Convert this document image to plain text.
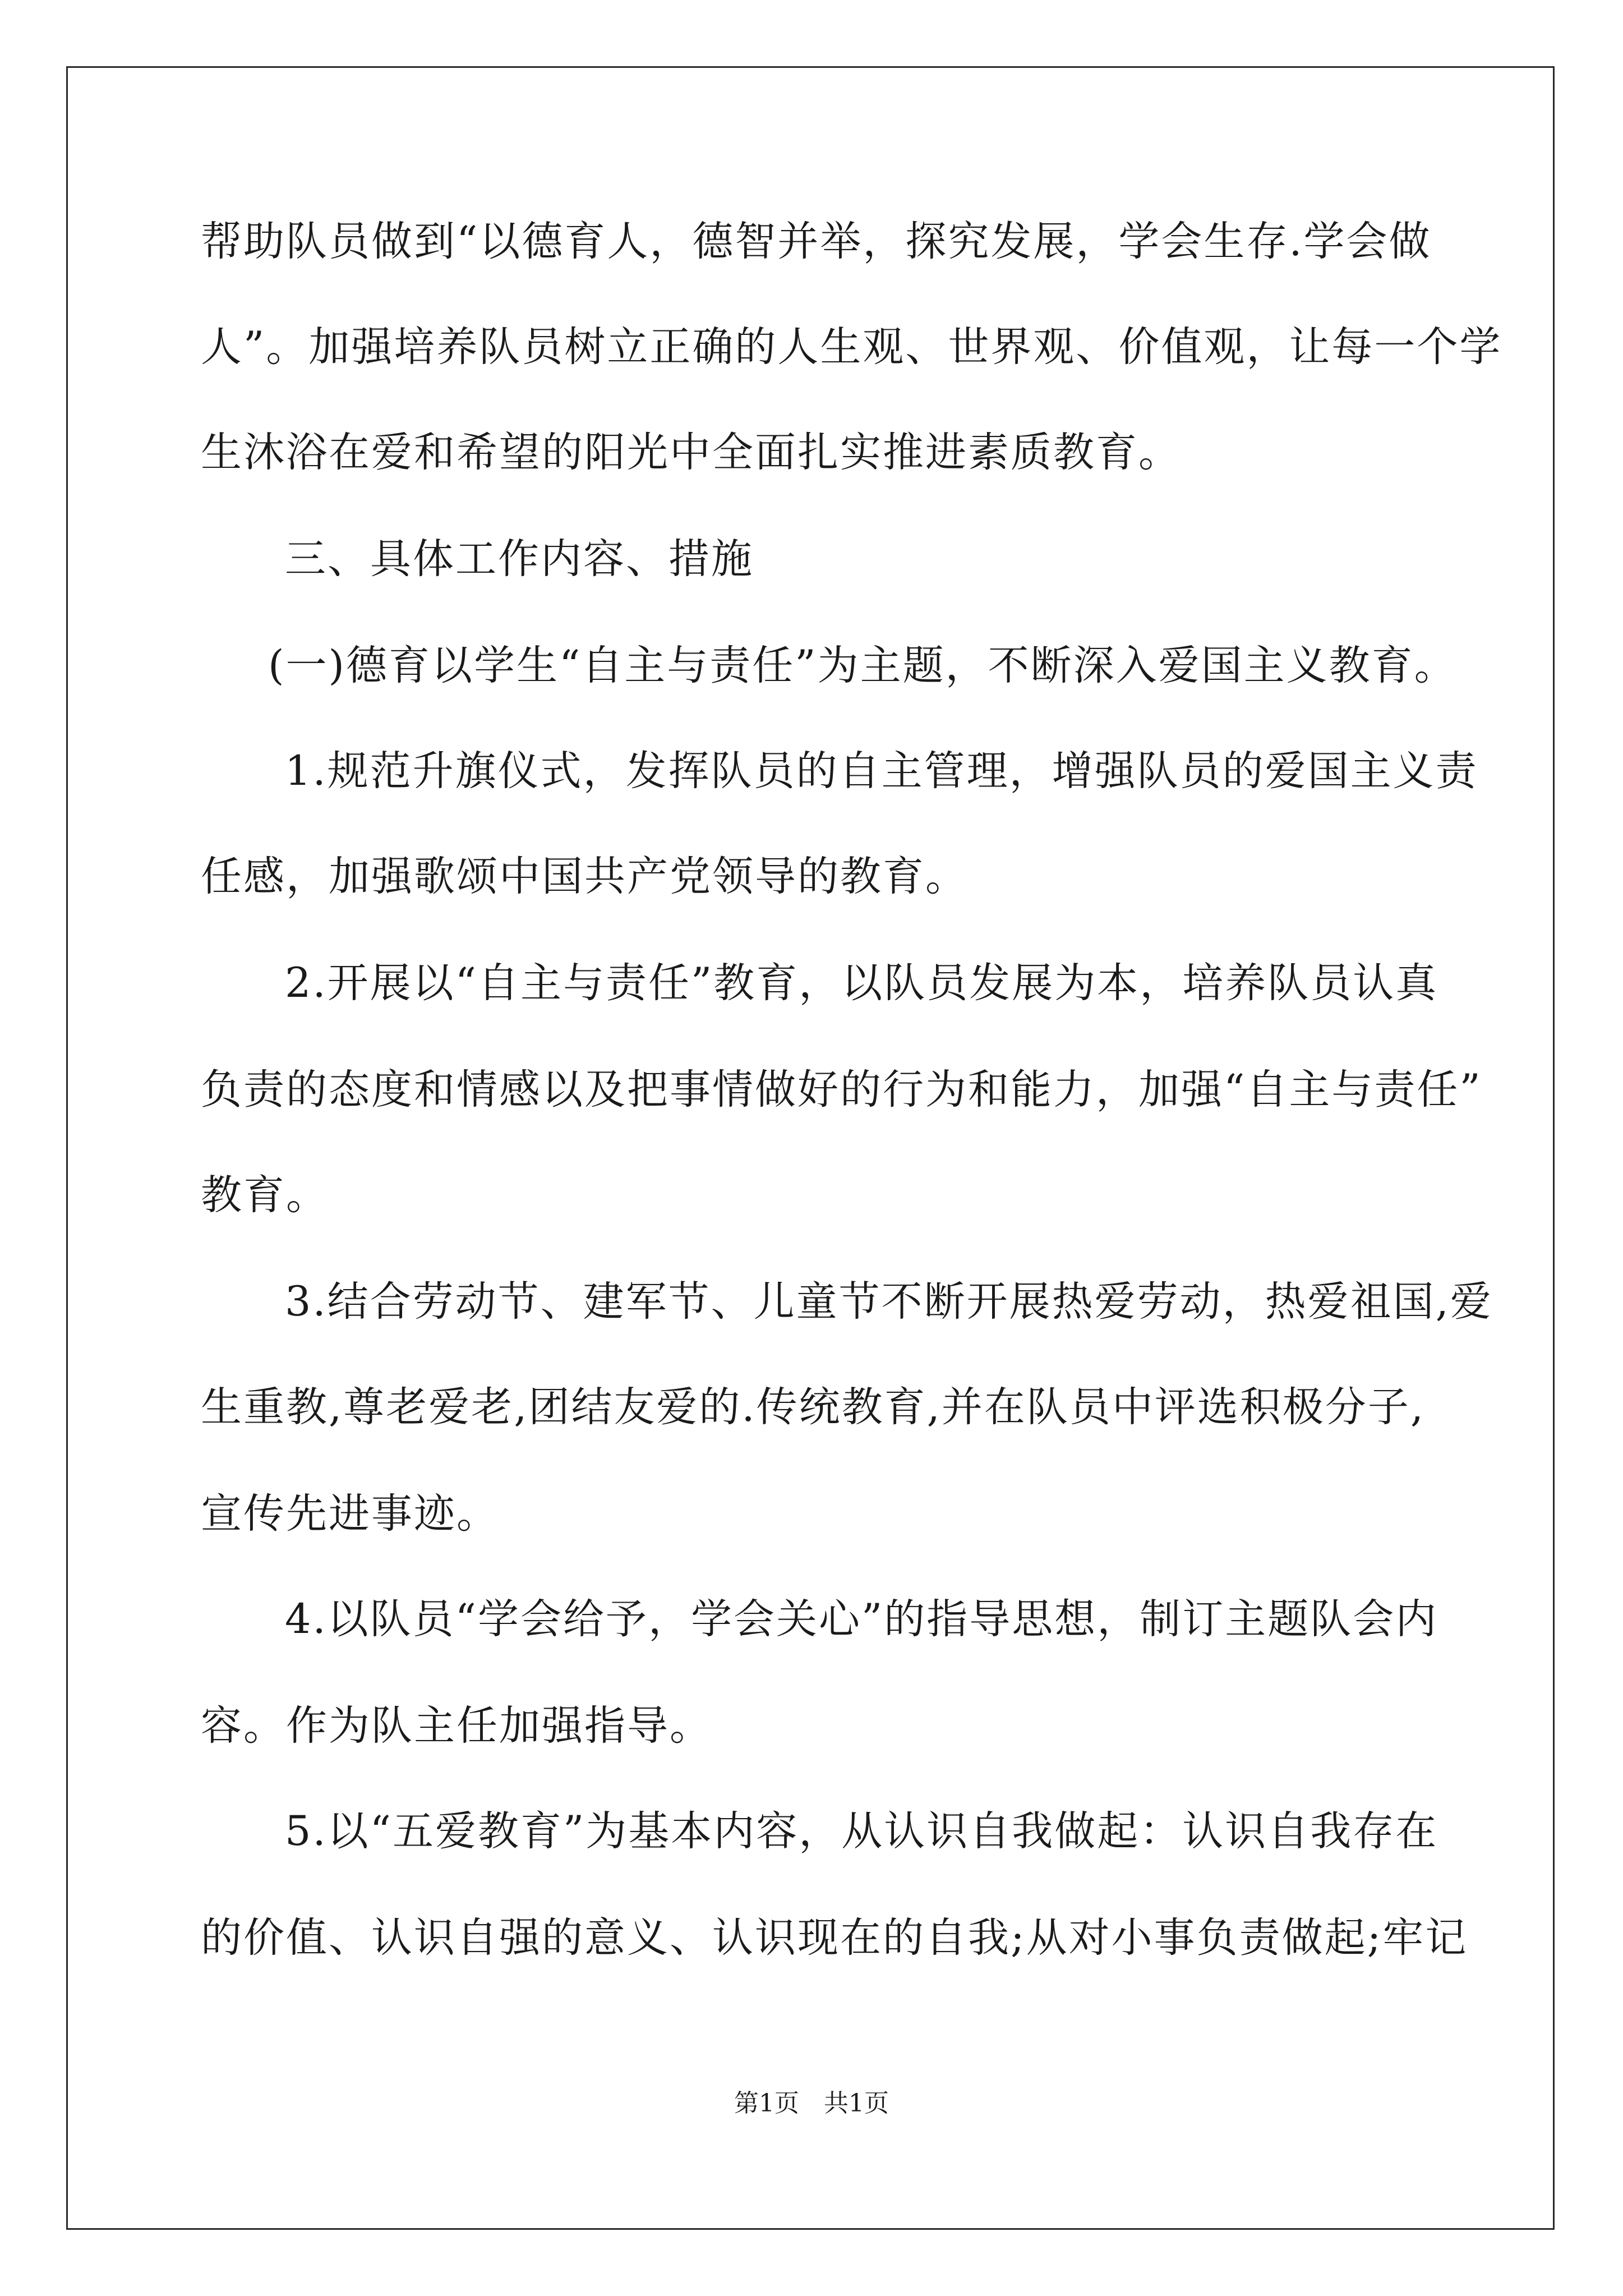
帮助队员做到“以德育人，德智并举，探究发展，学会生存.学会做
人”。加强培养队员树立正确的人生观、世界观、价值观，让每一个学
生沐浴在爱和希望的阳光中全面扎实推进素质教育。
三、具体工作内容、措施
(一)德育以学生“自主与责任”为主题，不断深入爱国主义教育。
1.规范升旗仪式，发挥队员的自主管理，增强队员的爱国主义责
任感，加强歌颂中国共产党领导的教育。
2.开展以“自主与责任”教育，以队员发展为本，培养队员认真
负责的态度和情感以及把事情做好的行为和能力，加强“自主与责任”
教育。
3.结合劳动节、建军节、儿童节不断开展热爱劳动，热爱祖国,爱
生重教,尊老爱老,团结友爱的.传统教育,并在队员中评选积极分子,
宣传先进事迹。
4.以队员“学会给予，学会关心”的指导思想，制订主题队会内
容。作为队主任加强指导。
5.以“五爱教育”为基本内容，从认识自我做起：认识自我存在
的价值、认识自强的意义、认识现在的自我;从对小事负责做起;牢记
第1页　共1页
